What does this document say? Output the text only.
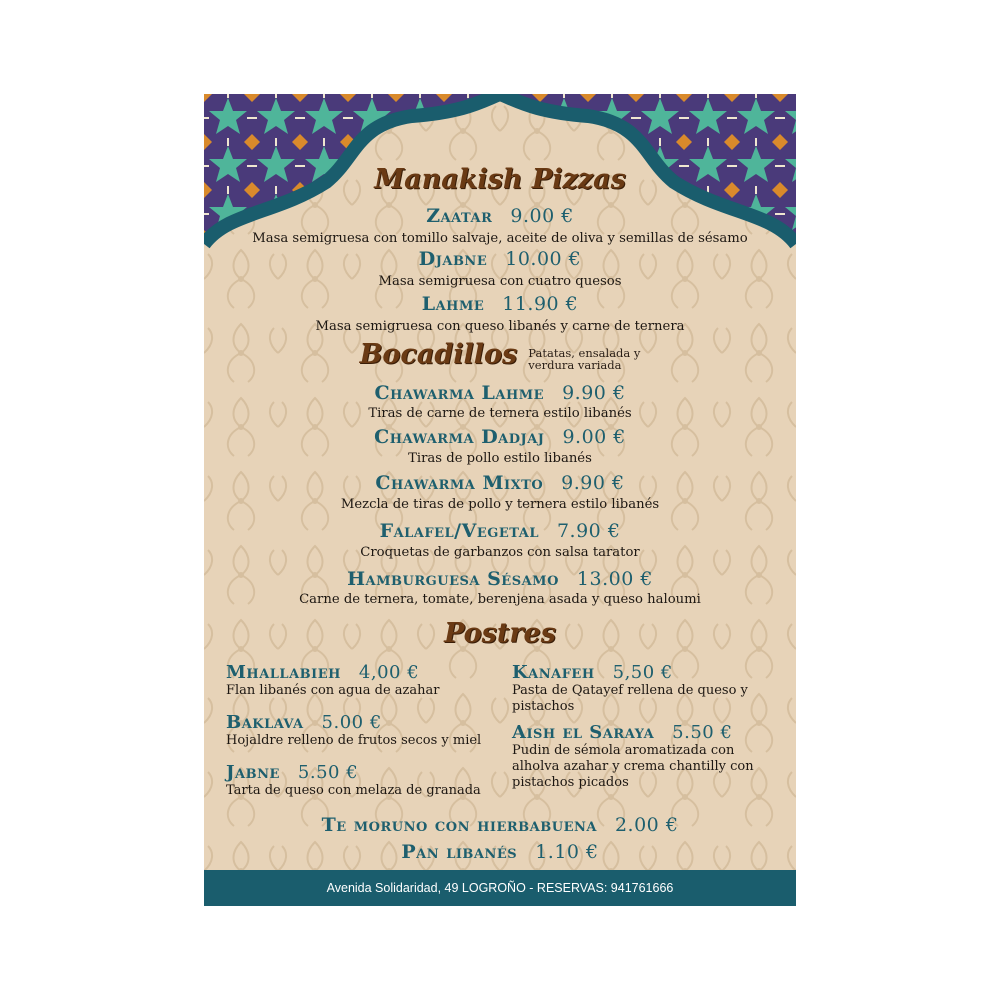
Manakish Pizzas
Zaatar 9.00 €
Masa semigruesa con tomillo salvaje, aceite de oliva y semillas de sésamo
Djabne 10.00 €
Masa semigruesa con cuatro quesos
Lahme 11.90 €
Masa semigruesa con queso libanés y carne de ternera
Bocadillos Patatas, ensalada y
verdura variada
Chawarma Lahme 9.90 €
Tiras de carne de ternera estilo libanés
Chawarma Dadjaj 9.00 €
Tiras de pollo estilo libanés
Chawarma Mixto 9.90 €
Mezcla de tiras de pollo y ternera estilo libanés
Falafel/Vegetal 7.90 €
Croquetas de garbanzos con salsa tarator
Hamburguesa Sésamo 13.00 €
Carne de ternera, tomate, berenjena asada y queso haloumi
Postres
Mhallabieh 4,00 €
Flan libanés con agua de azahar
Baklava 5.00 €
Hojaldre relleno de frutos secos y miel
Jabne 5.50 €
Tarta de queso con melaza de granada
Kanafeh 5,50 €
Pasta de Qatayef rellena de queso y
pistachos
Aish el Saraya 5.50 €
Pudin de sémola aromatizada con
alholva azahar y crema chantilly con
pistachos picados
Te moruno con hierbabuena 2.00 €
Pan libanés 1.10 €
Avenida Solidaridad, 49 LOGROÑO - RESERVAS: 941761666
